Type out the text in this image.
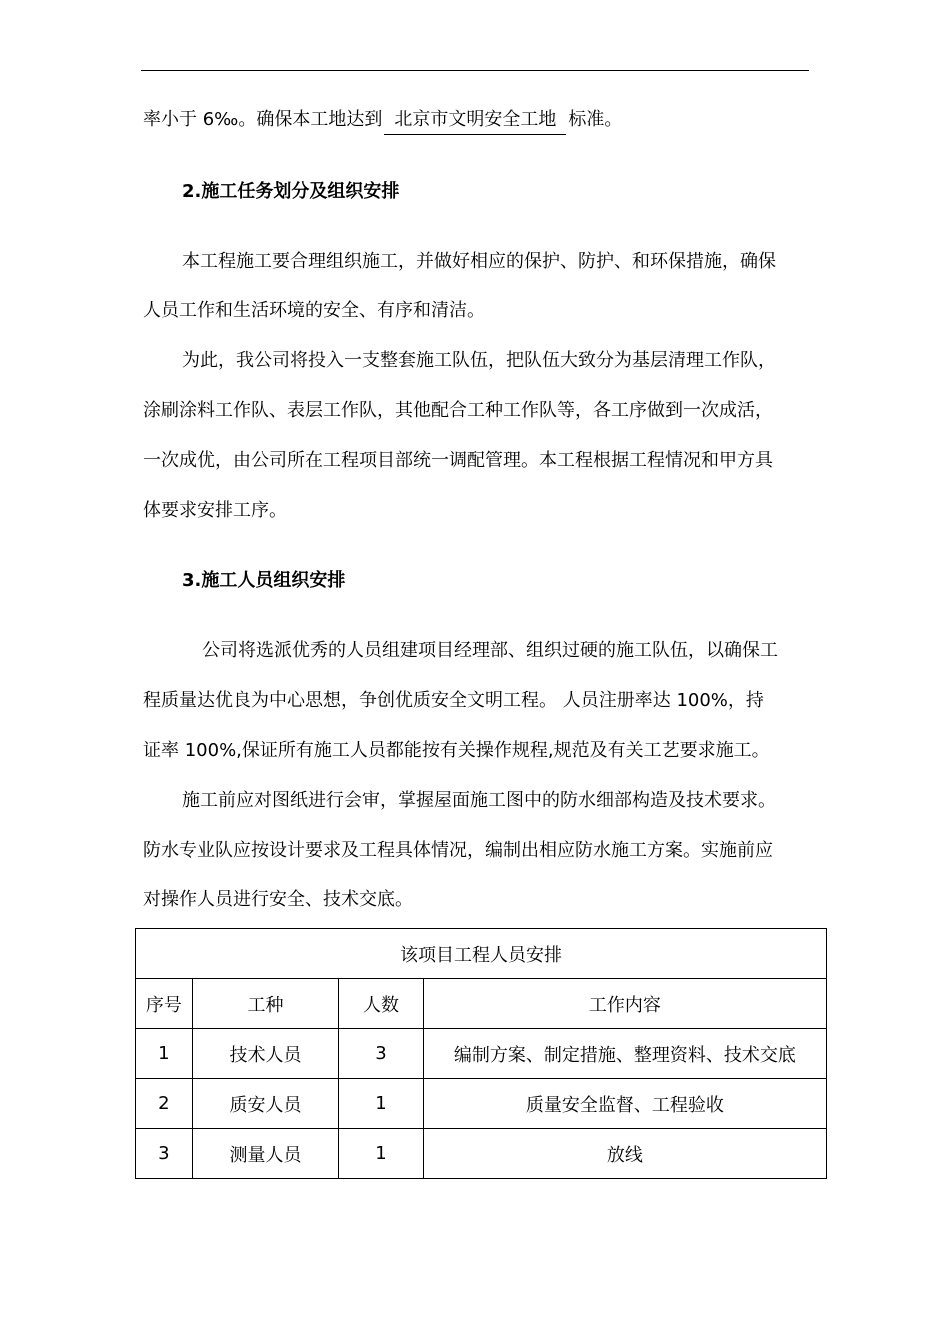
率小于 6‰。确保本工地达到 北京市文明安全工地 标准。
2.施工任务划分及组织安排
本工程施工要合理组织施工，并做好相应的保护、防护、和环保措施，确保
人员工作和生活环境的安全、有序和清洁。
为此，我公司将投入一支整套施工队伍，把队伍大致分为基层清理工作队，
涂刷涂料工作队、表层工作队，其他配合工种工作队等，各工序做到一次成活，
一次成优，由公司所在工程项目部统一调配管理。本工程根据工程情况和甲方具
体要求安排工序。
3.施工人员组织安排
公司将选派优秀的人员组建项目经理部、组织过硬的施工队伍，以确保工
程质量达优良为中心思想，争创优质安全文明工程。 人员注册率达 100%，持
证率 100%,保证所有施工人员都能按有关操作规程,规范及有关工艺要求施工。
施工前应对图纸进行会审，掌握屋面施工图中的防水细部构造及技术要求。
防水专业队应按设计要求及工程具体情况，编制出相应防水施工方案。实施前应
对操作人员进行安全、技术交底。
该项目工程人员安排			
序号	工种	人数	工作内容
1	技术人员	3	编制方案、制定措施、整理资料、技术交底
2	质安人员	1	质量安全监督、工程验收
3	测量人员	1	放线
